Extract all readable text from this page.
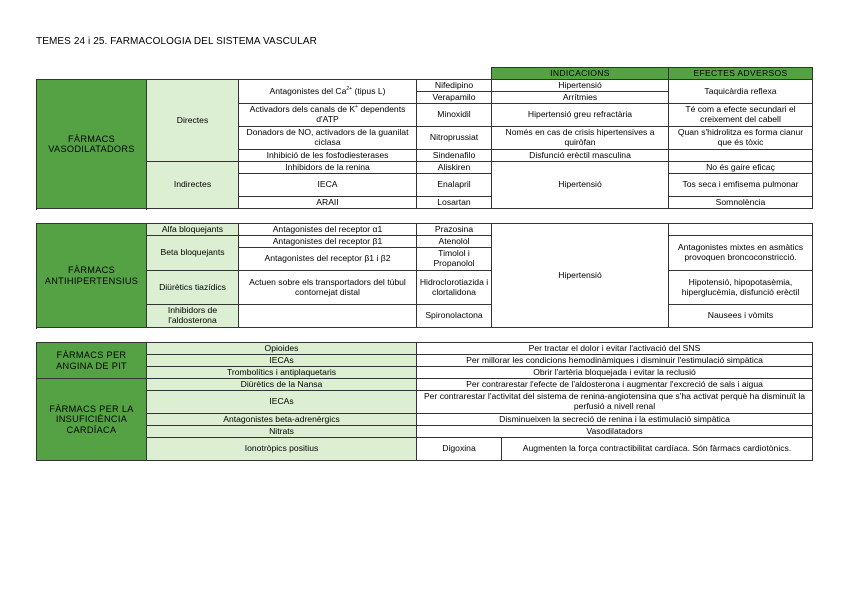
TEMES 24 i 25. FARMACOLOGIA DEL SISTEMA VASCULAR
				INDICACIONS	EFECTES ADVERSOS
FÀRMACS VASODILATADORS	Directes	Antagonistes del $Ca^{2+}$ (tipus L)	Nifedipino	Hipertensió	Taquicàrdia reflexa
			Verapamilo	Arrítmies	
		Activadors dels canals de K+ dependents d'ATP	Minoxidil	Hipertensió greu refractària	Té com a efecte secundari el creixement del cabell
		Donadors de NO, activadors de la guanilat ciclasa	Nitroprussiat	Només en cas de crisis hipertensives a quiròfan	Quan s'hidrolitza es forma cianur que és tòxic
		Inhibició de les fosfodiesterases	Sindenafilo	Disfunció erèctil masculina	

	Indirectes	Inhibidors de la renina	Aliskiren	Hipertensió	No és gaire eficaç
		IECA	Enalapril		Tos seca i emfisema pulmonar
		ARAII	Losartan		Somnolència

FÀRMACS ANTIHIPERTENSIUS	Alfa bloquejants	Antagonistes del receptor α1	Prazosina	Hipertensió	
	Beta bloquejants	Antagonistes del receptor β1	Atenolol		Antagonistes mixtes en asmàtics provoquen broncoconstricció.
		Antagonistes del receptor β1 i β2	Timolol i Propanolol		
	Diürètics tiazídics	Actuen sobre els transportadors del túbul contornejat distal	Hidroclorotiazida i clortalidona		Hipotensió, hipopotasèmia, hiperglucèmia, disfunció erèctil
	Inhibidors de l'aldosterona		Spironolactona		Nausees i vòmits

FÀRMACS PER ANGINA DE PIT	Opioides	Per tractar el dolor i evitar l'activació del SNS	
	IECAs	Per millorar les condicions hemodinàmiques i disminuir l'estimulació simpàtica	
	Trombolítics i antiplaquetaris	Obrir l'artèria bloquejada i evitar la reclusió	
FÀRMACS PER LA INSUFICIÈNCIA CARDÍACA	Diürètics de la Nansa	Per contrarestar l'efecte de l'aldosterona i augmentar l'excreció de sals i aigua	
	IECAs	Per contrarestar l'activitat del sistema de renina-angiotensina que s'ha activat perquè ha disminuït la perfusió a nivell renal	
	Antagonistes beta-adrenèrgics	Disminueixen la secreció de renina i la estimulació simpàtica	
	Nitrats	Vasodilatadors	
	Ionotròpics positius	Digoxina	Augmenten la força contractibilitat cardíaca. Són fàrmacs cardiotònics.
